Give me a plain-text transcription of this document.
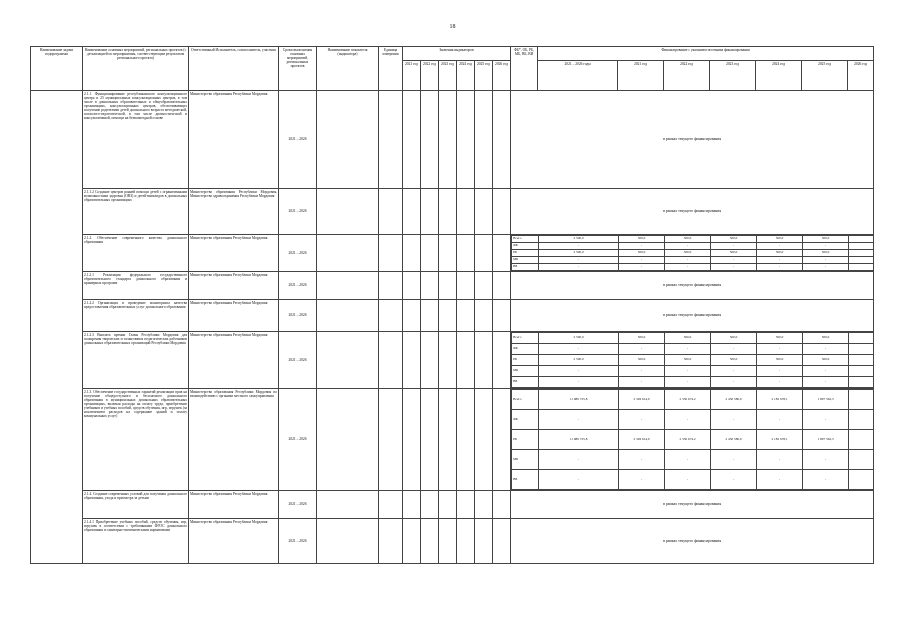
18
Наименование задачи подпрограммы	Наименование основных мероприятий, региональных проектов (с детализацией по мероприятиям, соответствующим результатам регионального проекта)	Ответственный Исполнитель, соисполнитель, участник	Сроки выполнения основных мероприятий, региональных проектов	Наименование показателя (индикатора)	Единица измерения	Значения индикаторов	ФБ*, ОБ, РБ, МБ, ВБ, ВИ	Финансирование с указанием источника финансирования
2021 год	2022 год	2023 год	2024 год	2025 год	2026 год	2021 – 2026 годы	2021 год	2022 год	2023 год	2024 год	2025 год	2026 год
	2.1.1. Функционирование республиканского консультационного центра и 23 муниципальных консультационных центров, в том числе в дошкольных образовательных и общеобразовательных организациях, консультационных центров, обеспечивающих получение родителями детей дошкольного возраста методической, психолого-педагогической, в том числе диагностической и консультативной, помощи на безвозмездной основе	Министерство образования Республики Мордовия	2021 – 2026									в рамках текущего финансирования
2.1.1.2 Создание центров ранней помощи детей с ограниченными возможностями здоровья (ОВЗ) и детей-инвалидов в дошкольных образовательных организациях	Министерство образования Республики Мордовия, Министерство здравоохранения Республики Мордовия	2021 – 2026									в рамках текущего финансирования
2.1.2. Обеспечение современного качества дошкольного образования	Министерство образования Республики Мордовия	2021 – 2026									
Всего	2 500,0	500,0	500,0	500,0	500,0	500,0	
ФБ	-	-	-	-	-	-	
РБ	2 500,0	500,0	500,0	500,0	500,0	500,0	
МБ	-	-	-	-	-	-	
ВБ	-	-	-	-	-	-	

2.1.2.1 Реализация федерального государственного образовательного стандарта дошкольного образования и примерных программ	Министерство образования Республики Мордовия	2021 – 2026									в рамках текущего финансирования
2.1.2.2 Организация и проведение мониторинга качества предоставления образовательных услуг дошкольного образования	Министерство образования Республики Мордовия	2021 – 2026									в рамках текущего финансирования
2.1.2.3 Выплата премии Главы Республики Мордовия для поощрения творческих и талантливых педагогических работников дошкольных образовательных организаций Республики Мордовия	Министерство образования Республики Мордовия	2021 – 2026									
Всего	2 500,0	500,0	500,0	500,0	500,0	500,0	
ФБ	-	-	-	-	-	-	
РБ	2 500,0	500,0	500,0	500,0	500,0	500,0	
МБ	-	-	-	-	-	-	
ВБ	-	-	-	-	-	-	

2.1.3. Обеспечение государственных гарантий реализации прав на получение общедоступного и бесплатного дошкольного образования в муниципальных дошкольных образовательных организациях, включая расходы на оплату труда, приобретение учебников и учебных пособий, средств обучения, игр, игрушек (за исключением расходов на содержание зданий и оплату коммунальных услуг)	Министерство образования Республики Мордовия по взаимодействию с органами местного самоуправления	2021 – 2026									
Всего	11 680 725,8	2 349 614,0	2 330 674,2	2 430 580,9	2 182 978,1	1 897 592,3	
ФБ	-	-	-	-	-	-	
РБ	11 680 725,8	2 349 614,0	2 330 674,2	2 430 580,9	2 182 978,1	1 897 592,3	
МБ	-	-	-	-	-	-	
ВБ	-	-	-	-	-	-	

2.1.4. Создание современных условий для получения дошкольного образования, ухода и присмотра за детьми	Министерство образования Республики Мордовия	2021 – 2026									в рамках текущего финансирования
2.1.4.1 Приобретение учебных пособий, средств обучения, игр, игрушек в соответствии с требованиями ФГОС дошкольного образования и санитарно-гигиеническими нормативами	Министерство образования Республики Мордовия	2021 – 2026									в рамках текущего финансирования
